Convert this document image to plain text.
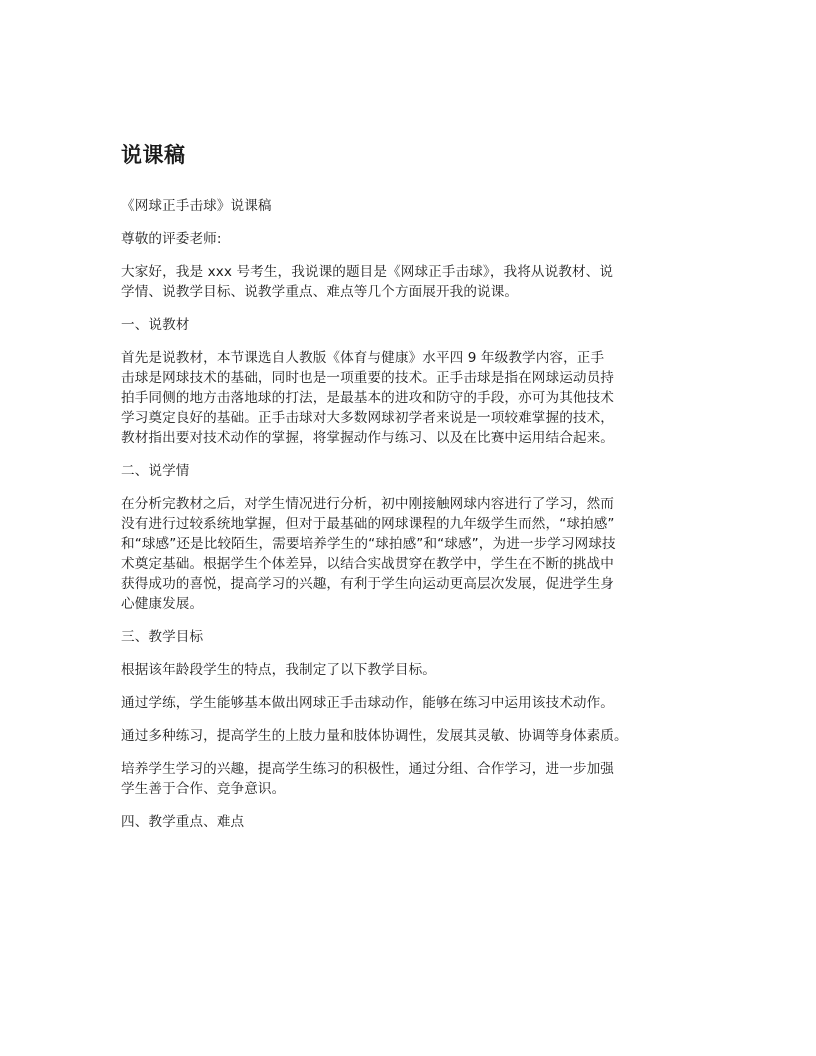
说课稿

《网球正手击球》说课稿

尊敬的评委老师:

大家好，我是 xxx 号考生，我说课的题目是《网球正手击球》，我将从说教材、说
学情、说教学目标、说教学重点、难点等几个方面展开我的说课。

一、说教材

首先是说教材，本节课选自人教版《体育与健康》水平四 9 年级教学内容，正手
击球是网球技术的基础，同时也是一项重要的技术。正手击球是指在网球运动员持
拍手同侧的地方击落地球的打法，是最基本的进攻和防守的手段，亦可为其他技术
学习奠定良好的基础。正手击球对大多数网球初学者来说是一项较难掌握的技术，
教材指出要对技术动作的掌握，将掌握动作与练习、以及在比赛中运用结合起来。

二、说学情

在分析完教材之后，对学生情况进行分析，初中刚接触网球内容进行了学习，然而
没有进行过较系统地掌握，但对于最基础的网球课程的九年级学生而然，“球拍感”
和“球感”还是比较陌生，需要培养学生的“球拍感”和“球感”，为进一步学习网球技
术奠定基础。根据学生个体差异，以结合实战贯穿在教学中，学生在不断的挑战中
获得成功的喜悦，提高学习的兴趣，有利于学生向运动更高层次发展，促进学生身
心健康发展。

三、教学目标

根据该年龄段学生的特点，我制定了以下教学目标。

通过学练，学生能够基本做出网球正手击球动作，能够在练习中运用该技术动作。

通过多种练习，提高学生的上肢力量和肢体协调性，发展其灵敏、协调等身体素质。

培养学生学习的兴趣，提高学生练习的积极性，通过分组、合作学习，进一步加强
学生善于合作、竞争意识。

四、教学重点、难点
